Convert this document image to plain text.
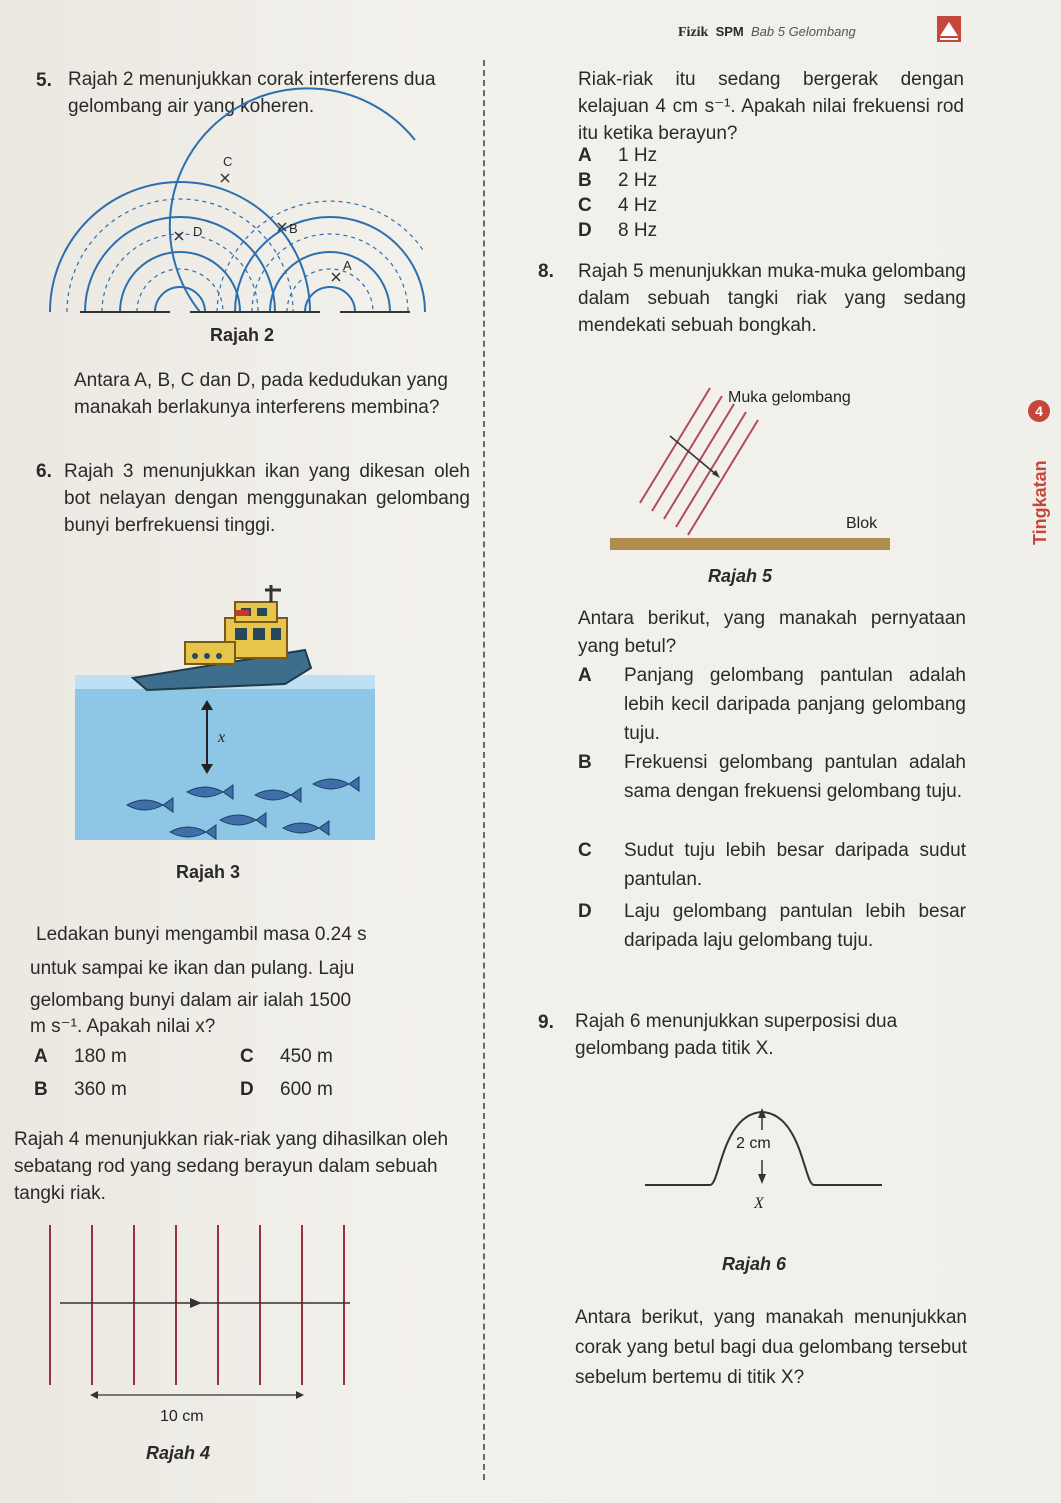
Fizik SPM Bab 5 Gelombang
4
Tingkatan
5. Rajah 2 menunjukkan corak interferens dua gelombang air yang koheren.
C
D	B
A
Rajah 2
Antara A, B, C dan D, pada kedudukan yang manakah berlakunya interferens membina?
6. Rajah 3 menunjukkan ikan yang dikesan oleh bot nelayan dengan menggunakan gelombang bunyi berfrekuensi tinggi.
x
Rajah 3
Ledakan bunyi mengambil masa 0.24 s
untuk sampai ke ikan dan pulang. Laju
gelombang bunyi dalam air ialah 1500
m s⁻¹. Apakah nilai x?
A 180 m	C 450 m
B 360 m	D 600 m
Rajah 4 menunjukkan riak-riak yang dihasilkan oleh sebatang rod yang sedang berayun dalam sebuah tangki riak.
10 cm
Rajah 4
Riak-riak itu sedang bergerak dengan kelajuan 4 cm s⁻¹. Apakah nilai frekuensi rod itu ketika berayun?
A 1 Hz
B 2 Hz
C 4 Hz
D 8 Hz
8. Rajah 5 menunjukkan muka-muka gelombang dalam sebuah tangki riak yang sedang mendekati sebuah bongkah.
Muka gelombang
Blok
Rajah 5
Antara berikut, yang manakah pernyataan yang betul?
A Panjang gelombang pantulan adalah lebih kecil daripada panjang gelombang tuju.
B Frekuensi gelombang pantulan adalah sama dengan frekuensi gelombang tuju.
C Sudut tuju lebih besar daripada sudut pantulan.
D Laju gelombang pantulan lebih besar daripada laju gelombang tuju.
9. Rajah 6 menunjukkan superposisi dua gelombang pada titik X.
2 cm
X
Rajah 6
Antara berikut, yang manakah menunjukkan corak yang betul bagi dua gelombang tersebut sebelum bertemu di titik X?
